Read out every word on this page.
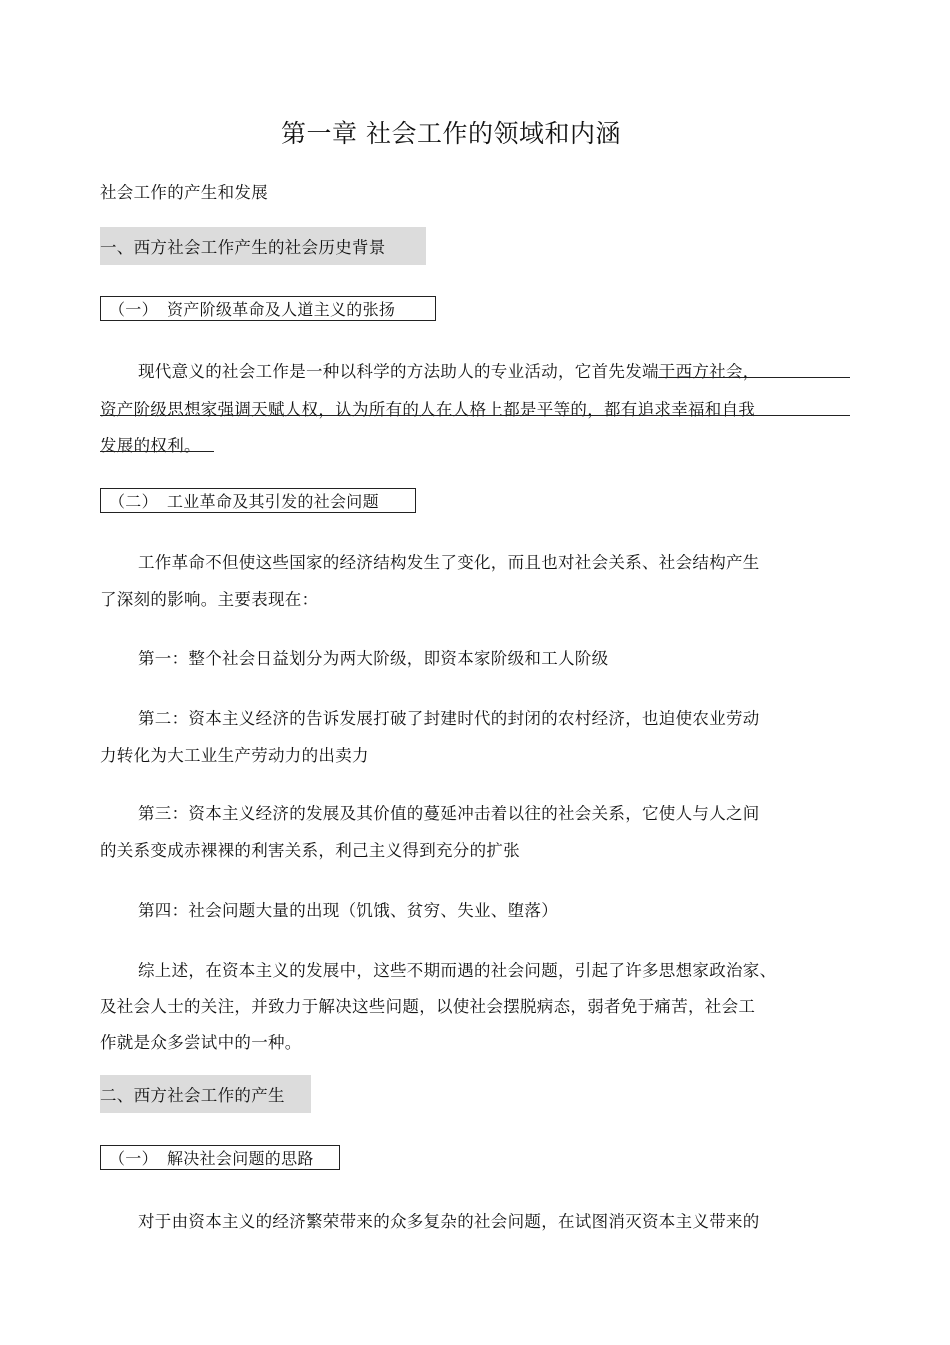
第一章 社会工作的领域和内涵
社会工作的产生和发展
一、西方社会工作产生的社会历史背景
（一） 资产阶级革命及人道主义的张扬
现代意义的社会工作是一种以科学的方法助人的专业活动，它首先发端于西方社会，
资产阶级思想家强调天赋人权，认为所有的人在人格上都是平等的，都有追求幸福和自我
发展的权利。
（二） 工业革命及其引发的社会问题
工作革命不但使这些国家的经济结构发生了变化，而且也对社会关系、社会结构产生
了深刻的影响。主要表现在：
第一：整个社会日益划分为两大阶级，即资本家阶级和工人阶级
第二：资本主义经济的告诉发展打破了封建时代的封闭的农村经济，也迫使农业劳动
力转化为大工业生产劳动力的出卖力
第三：资本主义经济的发展及其价值的蔓延冲击着以往的社会关系，它使人与人之间
的关系变成赤裸裸的利害关系，利己主义得到充分的扩张
第四：社会问题大量的出现（饥饿、贫穷、失业、堕落）
综上述，在资本主义的发展中，这些不期而遇的社会问题，引起了许多思想家政治家、
及社会人士的关注，并致力于解决这些问题，以使社会摆脱病态，弱者免于痛苦，社会工
作就是众多尝试中的一种。
二、西方社会工作的产生
（一） 解决社会问题的思路
对于由资本主义的经济繁荣带来的众多复杂的社会问题，在试图消灭资本主义带来的
